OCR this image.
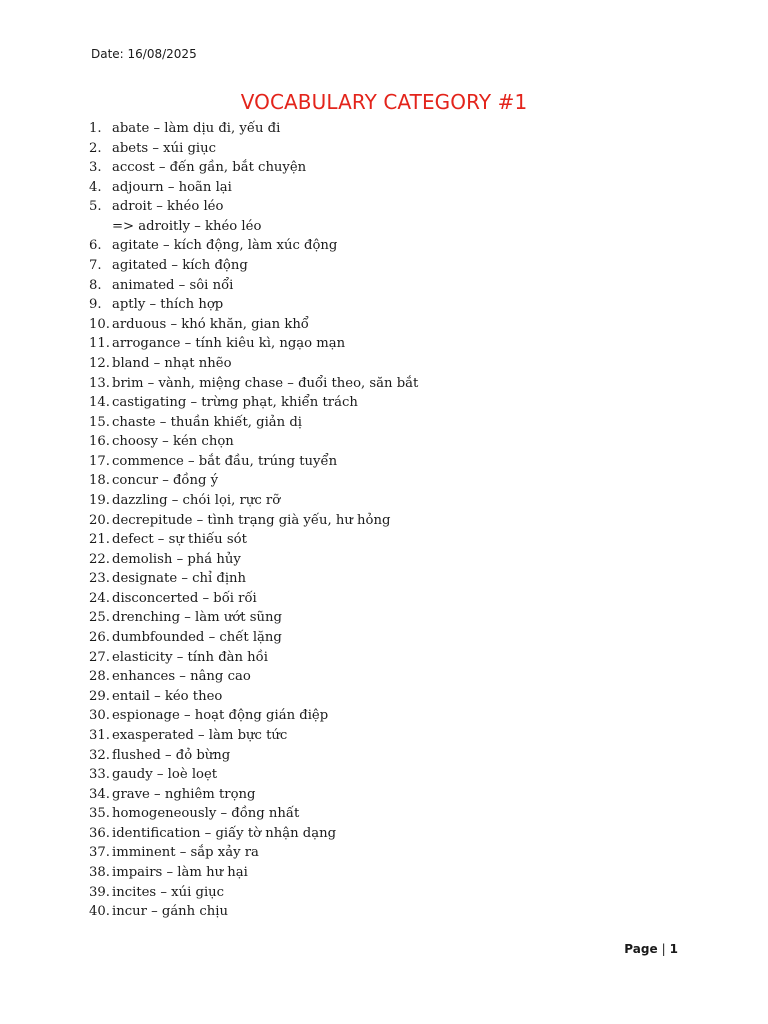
Date: 16/08/2025
VOCABULARY CATEGORY #1
1. abate – làm dịu đi, yếu đi
2. abets – xúi giục
3. accost – đến gần, bắt chuyện
4. adjourn – hoãn lại
5. adroit – khéo léo
=> adroitly – khéo léo
6. agitate – kích động, làm xúc động
7. agitated – kích động
8. animated – sôi nổi
9. aptly – thích hợp
10. arduous – khó khăn, gian khổ
11. arrogance – tính kiêu kì, ngạo mạn
12. bland – nhạt nhẽo
13. brim – vành, miệng chase – đuổi theo, săn bắt
14. castigating – trừng phạt, khiển trách
15. chaste – thuần khiết, giản dị
16. choosy – kén chọn
17. commence – bắt đầu, trúng tuyển
18. concur – đồng ý
19. dazzling – chói lọi, rực rỡ
20. decrepitude – tình trạng già yếu, hư hỏng
21. defect – sự thiếu sót
22. demolish – phá hủy
23. designate – chỉ định
24. disconcerted – bối rối
25. drenching – làm ướt sũng
26. dumbfounded – chết lặng
27. elasticity – tính đàn hồi
28. enhances – nâng cao
29. entail – kéo theo
30. espionage – hoạt động gián điệp
31. exasperated – làm bực tức
32. flushed – đỏ bừng
33. gaudy – loè loẹt
34. grave – nghiêm trọng
35. homogeneously – đồng nhất
36. identification – giấy tờ nhận dạng
37. imminent – sắp xảy ra
38. impairs – làm hư hại
39. incites – xúi giục
40. incur – gánh chịu
Page | 1
